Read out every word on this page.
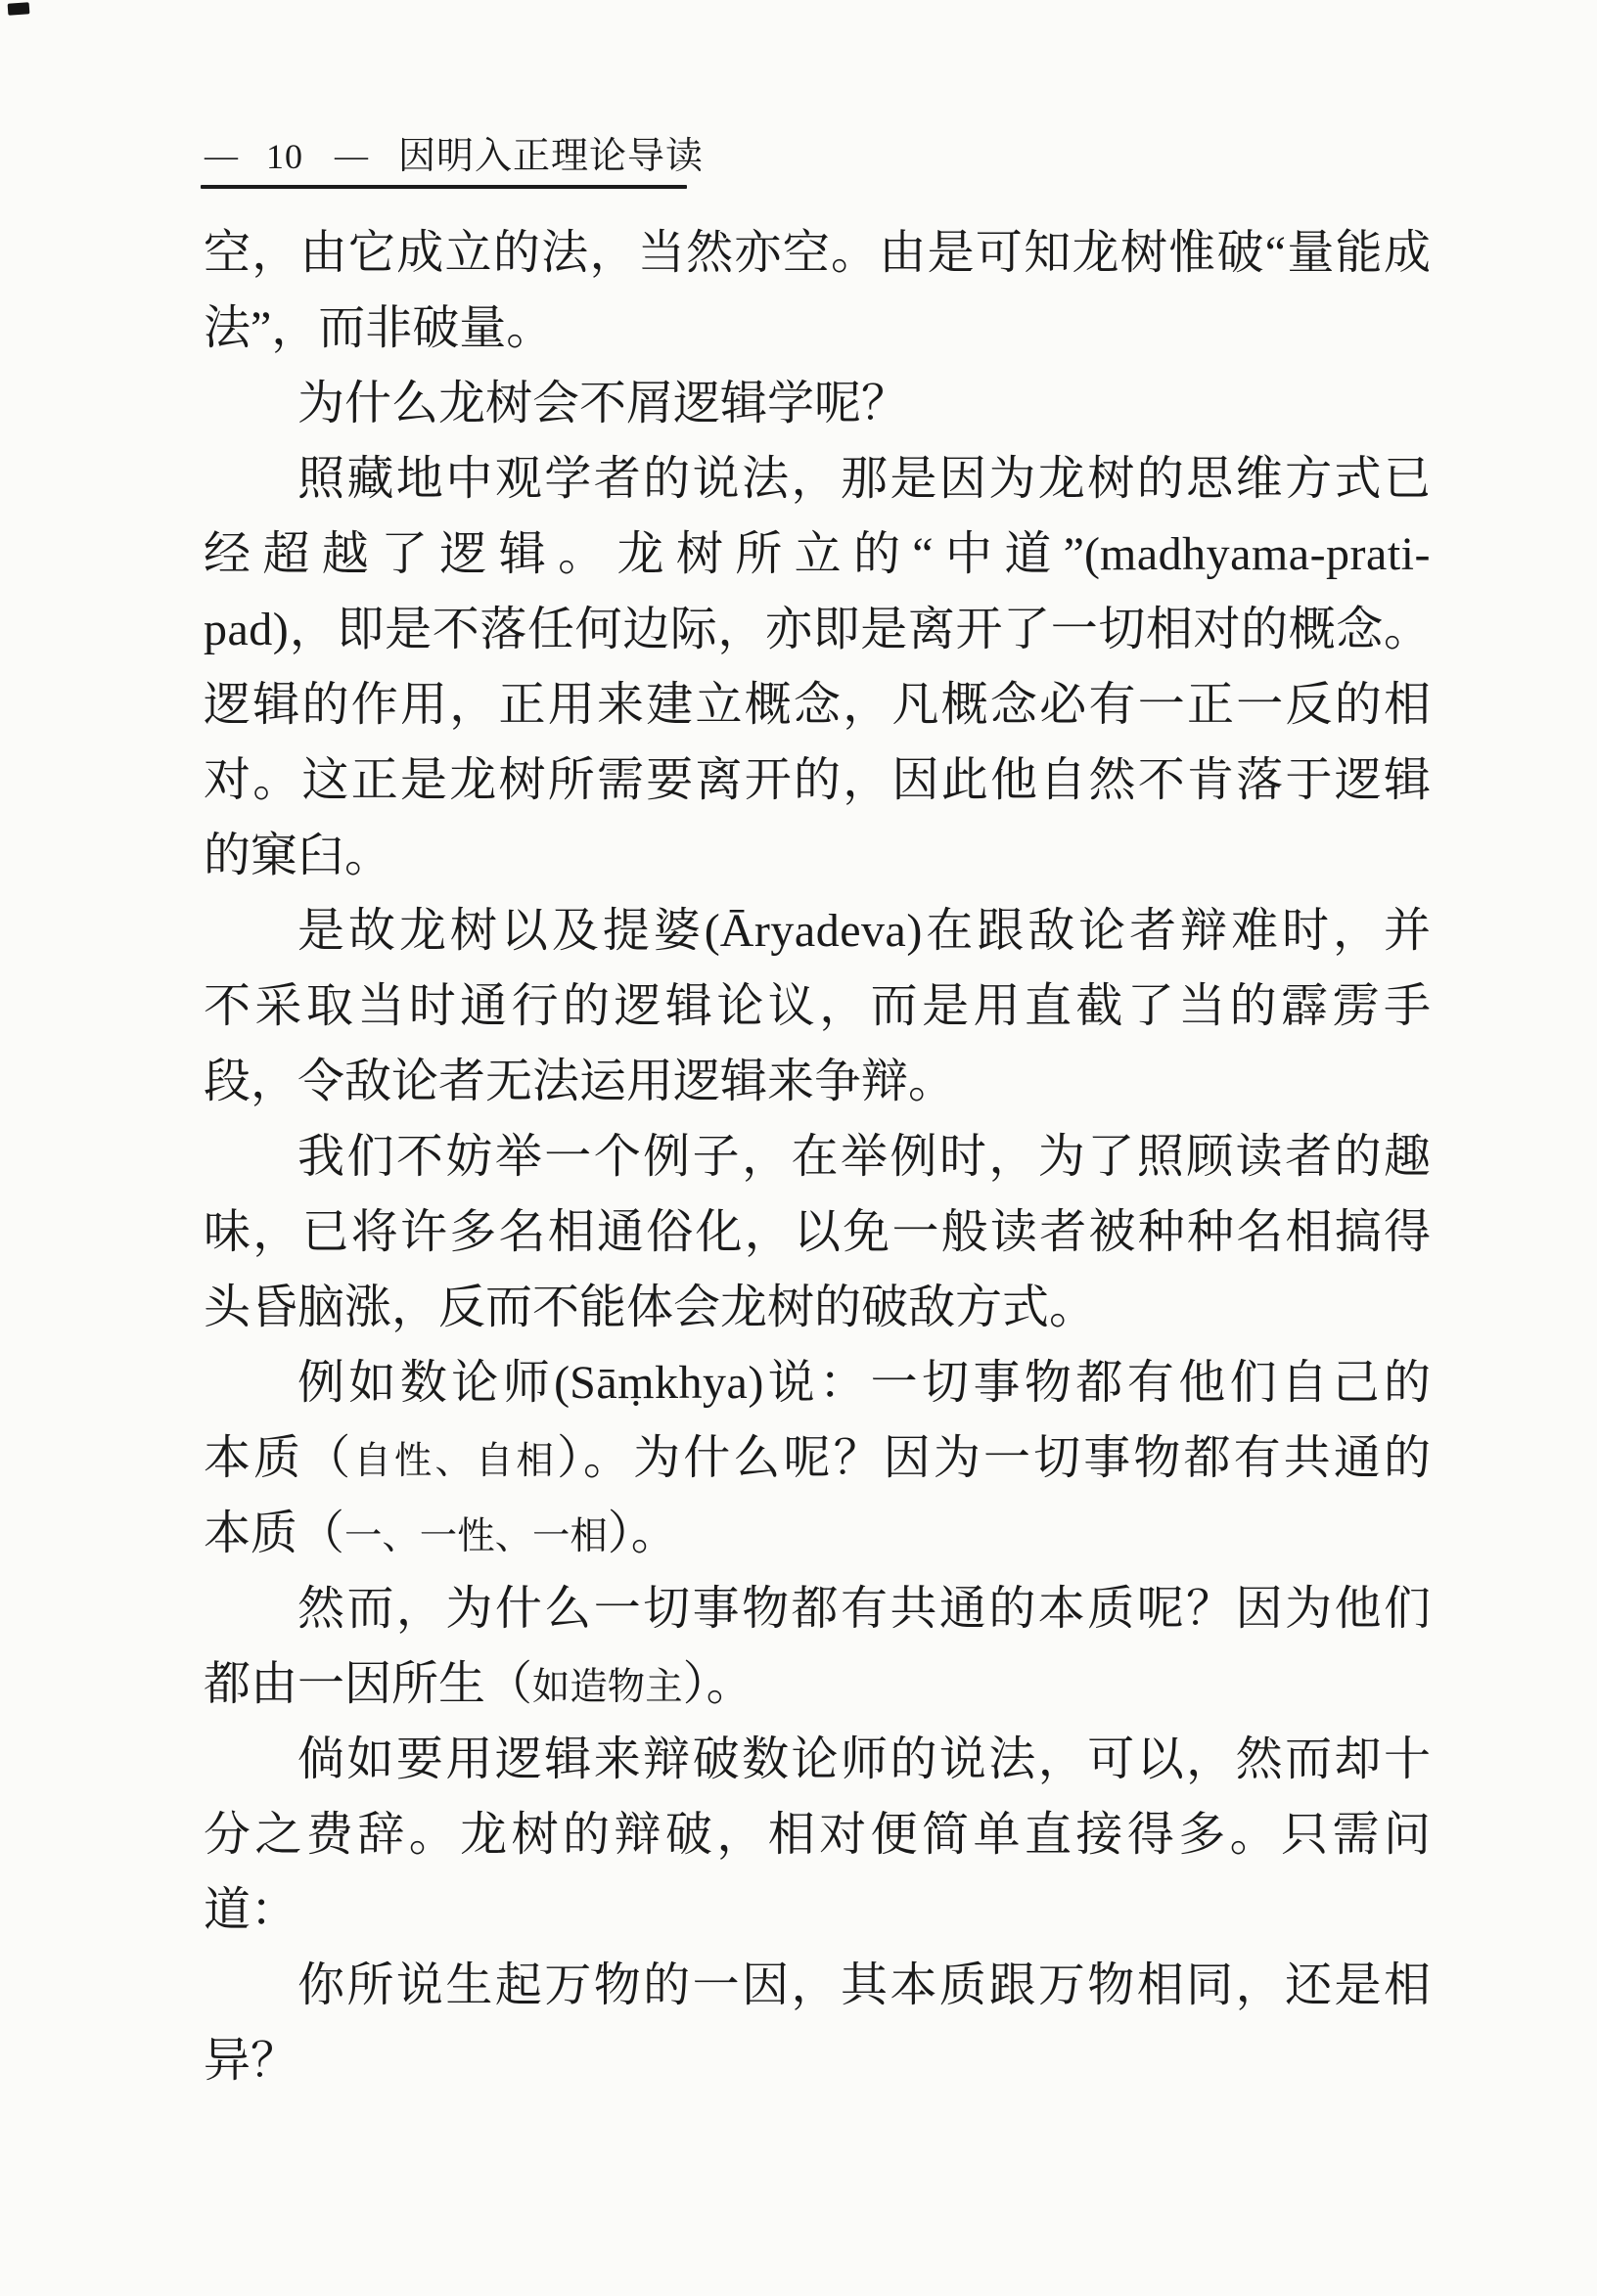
— 10 — 因明入正理论导读
空，由它成立的法，当然亦空。由是可知龙树惟破“量能成
法”，而非破量。
为什么龙树会不屑逻辑学呢？
照藏地中观学者的说法，那是因为龙树的思维方式已
经超越了逻辑。龙树所立的“中道”(madhyama-prati-
pad)，即是不落任何边际，亦即是离开了一切相对的概念。
逻辑的作用，正用来建立概念，凡概念必有一正一反的相
对。这正是龙树所需要离开的，因此他自然不肯落于逻辑
的窠臼。
是故龙树以及提婆(Āryadeva)在跟敌论者辩难时，并
不采取当时通行的逻辑论议，而是用直截了当的霹雳手
段，令敌论者无法运用逻辑来争辩。
我们不妨举一个例子，在举例时，为了照顾读者的趣
味，已将许多名相通俗化，以免一般读者被种种名相搞得
头昏脑涨，反而不能体会龙树的破敌方式。
例如数论师(Sāṃkhya)说：一切事物都有他们自己的
本质（自性、自相）。为什么呢？因为一切事物都有共通的
本质（一、一性、一相）。
然而，为什么一切事物都有共通的本质呢？因为他们
都由一因所生（如造物主）。
倘如要用逻辑来辩破数论师的说法，可以，然而却十
分之费辞。龙树的辩破，相对便简单直接得多。只需问
道：
你所说生起万物的一因，其本质跟万物相同，还是相
异？
